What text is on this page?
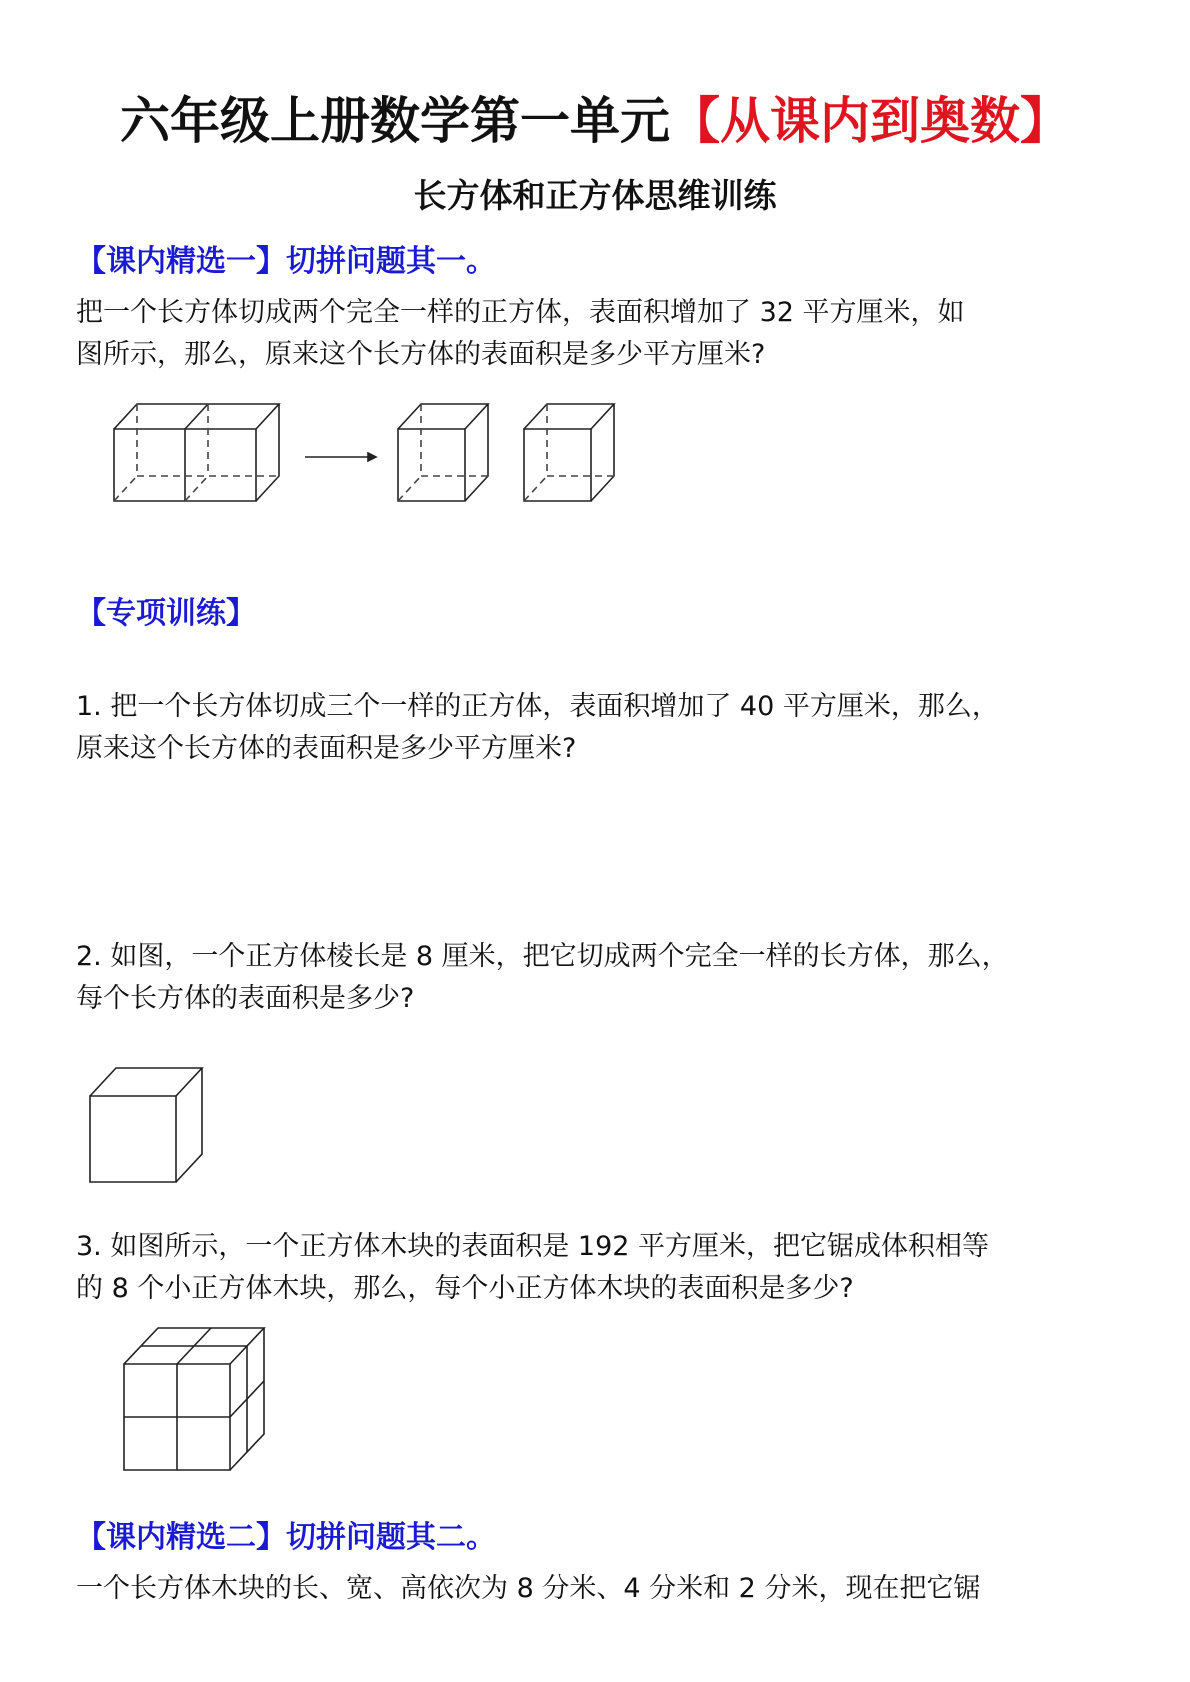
六年级上册数学第一单元【从课内到奥数】
长方体和正方体思维训练
【课内精选一】切拼问题其一。
把一个长方体切成两个完全一样的正方体，表面积增加了 32 平方厘米，如
图所示，那么，原来这个长方体的表面积是多少平方厘米?
【专项训练】
1. 把一个长方体切成三个一样的正方体，表面积增加了 40 平方厘米，那么，
原来这个长方体的表面积是多少平方厘米?
2. 如图，一个正方体棱长是 8 厘米，把它切成两个完全一样的长方体，那么，
每个长方体的表面积是多少?
3. 如图所示，一个正方体木块的表面积是 192 平方厘米，把它锯成体积相等
的 8 个小正方体木块，那么，每个小正方体木块的表面积是多少?
【课内精选二】切拼问题其二。
一个长方体木块的长、宽、高依次为 8 分米、4 分米和 2 分米，现在把它锯
